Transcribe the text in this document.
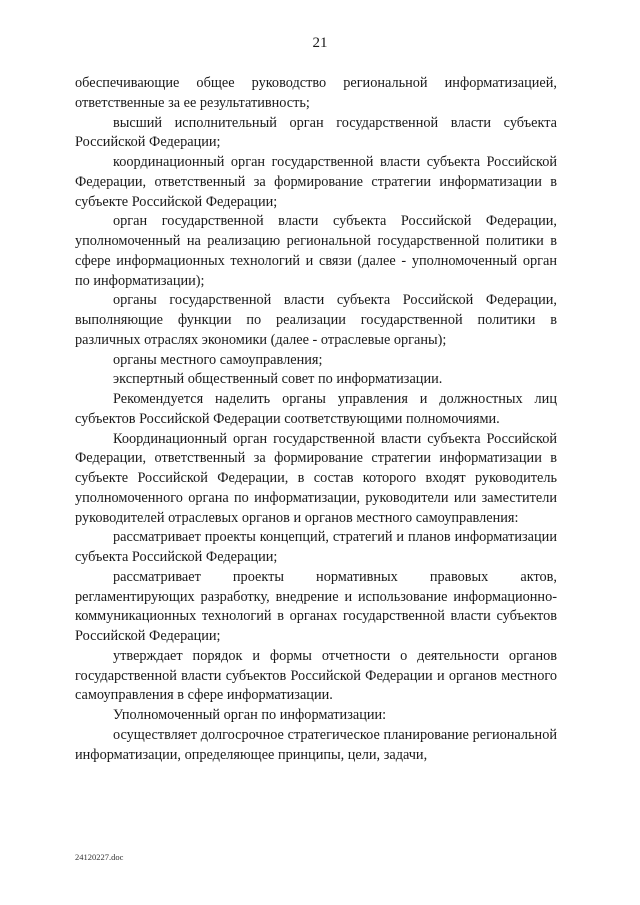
21

обеспечивающие общее руководство региональной информатизацией, ответственные за ее результативность;

высший исполнительный орган государственной власти субъекта Российской Федерации;

координационный орган государственной власти субъекта Российской Федерации, ответственный за формирование стратегии информатизации в субъекте Российской Федерации;

орган государственной власти субъекта Российской Федерации, уполномоченный на реализацию региональной государственной политики в сфере информационных технологий и связи (далее - уполномоченный орган по информатизации);

органы государственной власти субъекта Российской Федерации, выполняющие функции по реализации государственной политики в различных отраслях экономики (далее - отраслевые органы);

органы местного самоуправления;

экспертный общественный совет по информатизации.

Рекомендуется наделить органы управления и должностных лиц субъектов Российской Федерации соответствующими полномочиями.

Координационный орган государственной власти субъекта Российской Федерации, ответственный за формирование стратегии информатизации в субъекте Российской Федерации, в состав которого входят руководитель уполномоченного органа по информатизации, руководители или заместители руководителей отраслевых органов и органов местного самоуправления:

рассматривает проекты концепций, стратегий и планов информатизации субъекта Российской Федерации;

рассматривает проекты нормативных правовых актов, регламентирующих разработку, внедрение и использование информационно-коммуникационных технологий в органах государственной власти субъектов Российской Федерации;

утверждает порядок и формы отчетности о деятельности органов государственной власти субъектов Российской Федерации и органов местного самоуправления в сфере информатизации.

Уполномоченный орган по информатизации:

осуществляет долгосрочное стратегическое планирование региональной информатизации, определяющее принципы, цели, задачи,

24120227.doc
